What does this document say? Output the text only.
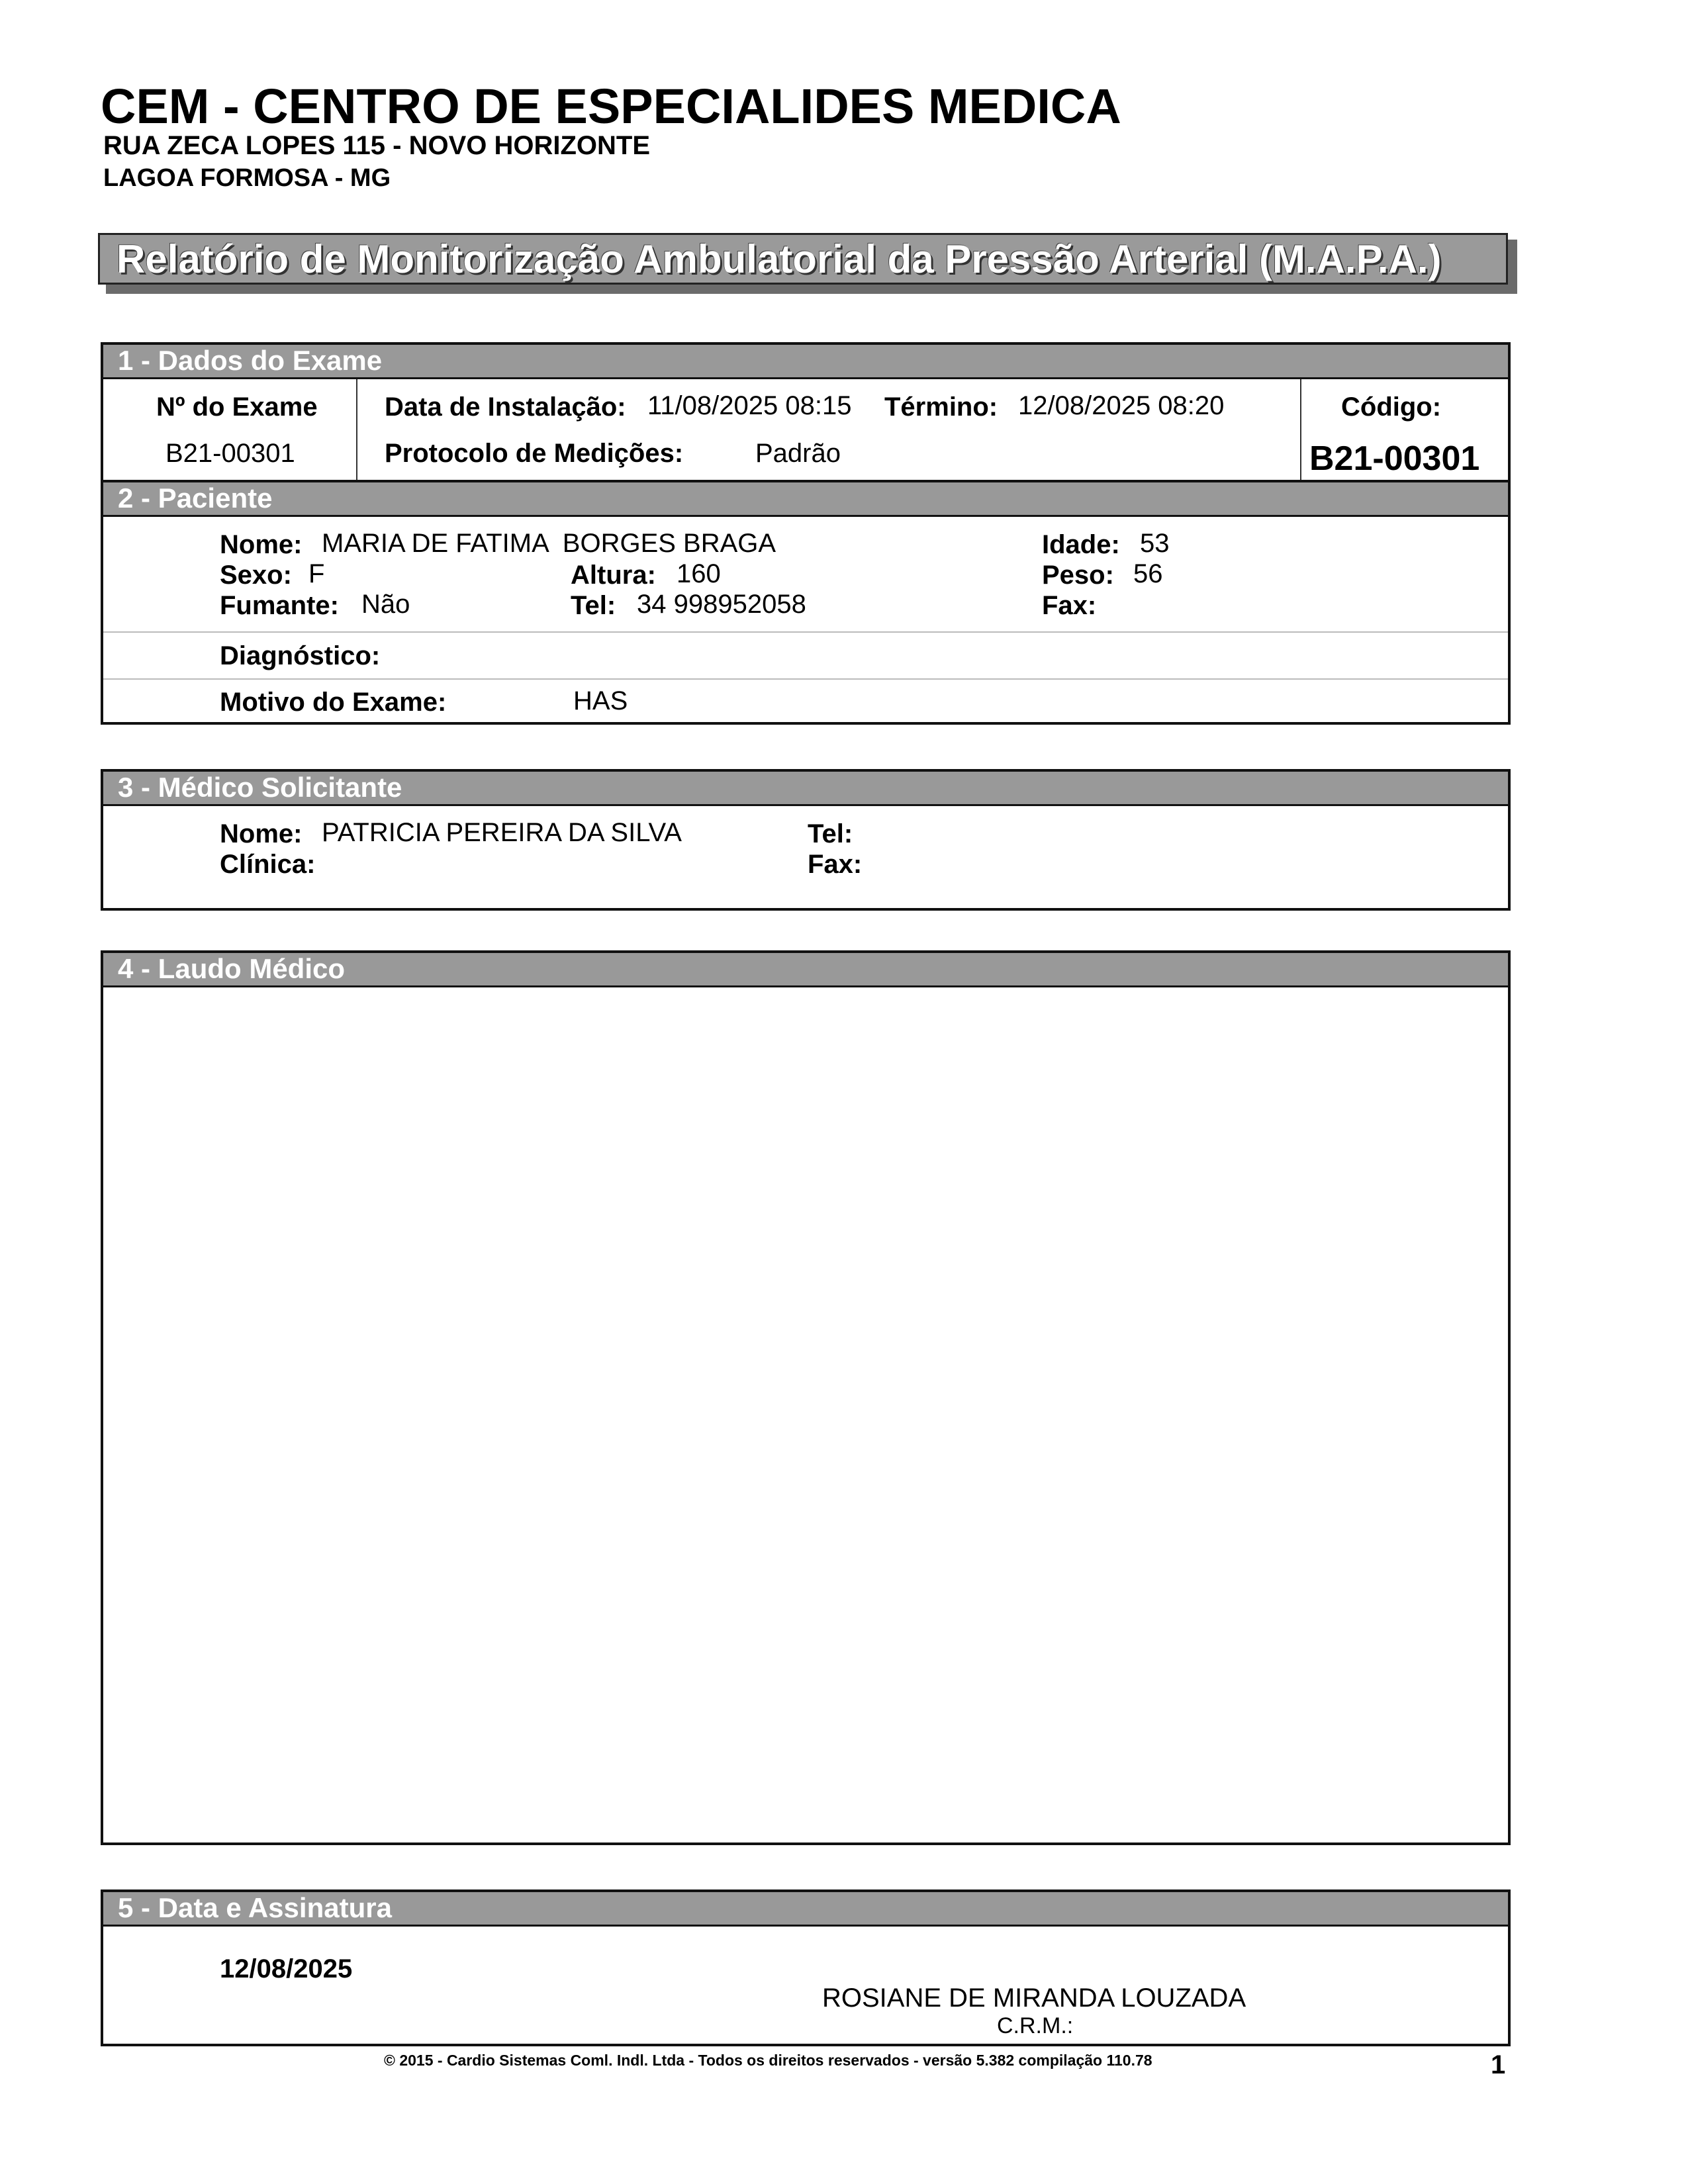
CEM - CENTRO DE ESPECIALIDES MEDICA
RUA ZECA LOPES 115 - NOVO HORIZONTE
LAGOA FORMOSA - MG
Relatório de Monitorização Ambulatorial da Pressão Arterial (M.A.P.A.)
1 - Dados do Exame
Nº do Exame
B21-00301
Data de Instalação: 11/08/2025 08:15 Término: 12/08/2025 08:20
Protocolo de Medições:	Padrão
Código:
B21-00301
2 - Paciente
Nome: MARIA DE FATIMA  BORGES BRAGA	Idade: 53
Sexo: F	Altura: 160	Peso: 56
Fumante: Não	Tel: 34 998952058	Fax:
Diagnóstico:
Motivo do Exame:	HAS
3 - Médico Solicitante
Nome: PATRICIA PEREIRA DA SILVA	Tel:
Clínica:	Fax:
4 - Laudo Médico
5 - Data e Assinatura
12/08/2025
ROSIANE DE MIRANDA LOUZADA
C.R.M.:
© 2015 - Cardio Sistemas Coml. Indl. Ltda - Todos os direitos reservados - versão 5.382 compilação 110.78	1
